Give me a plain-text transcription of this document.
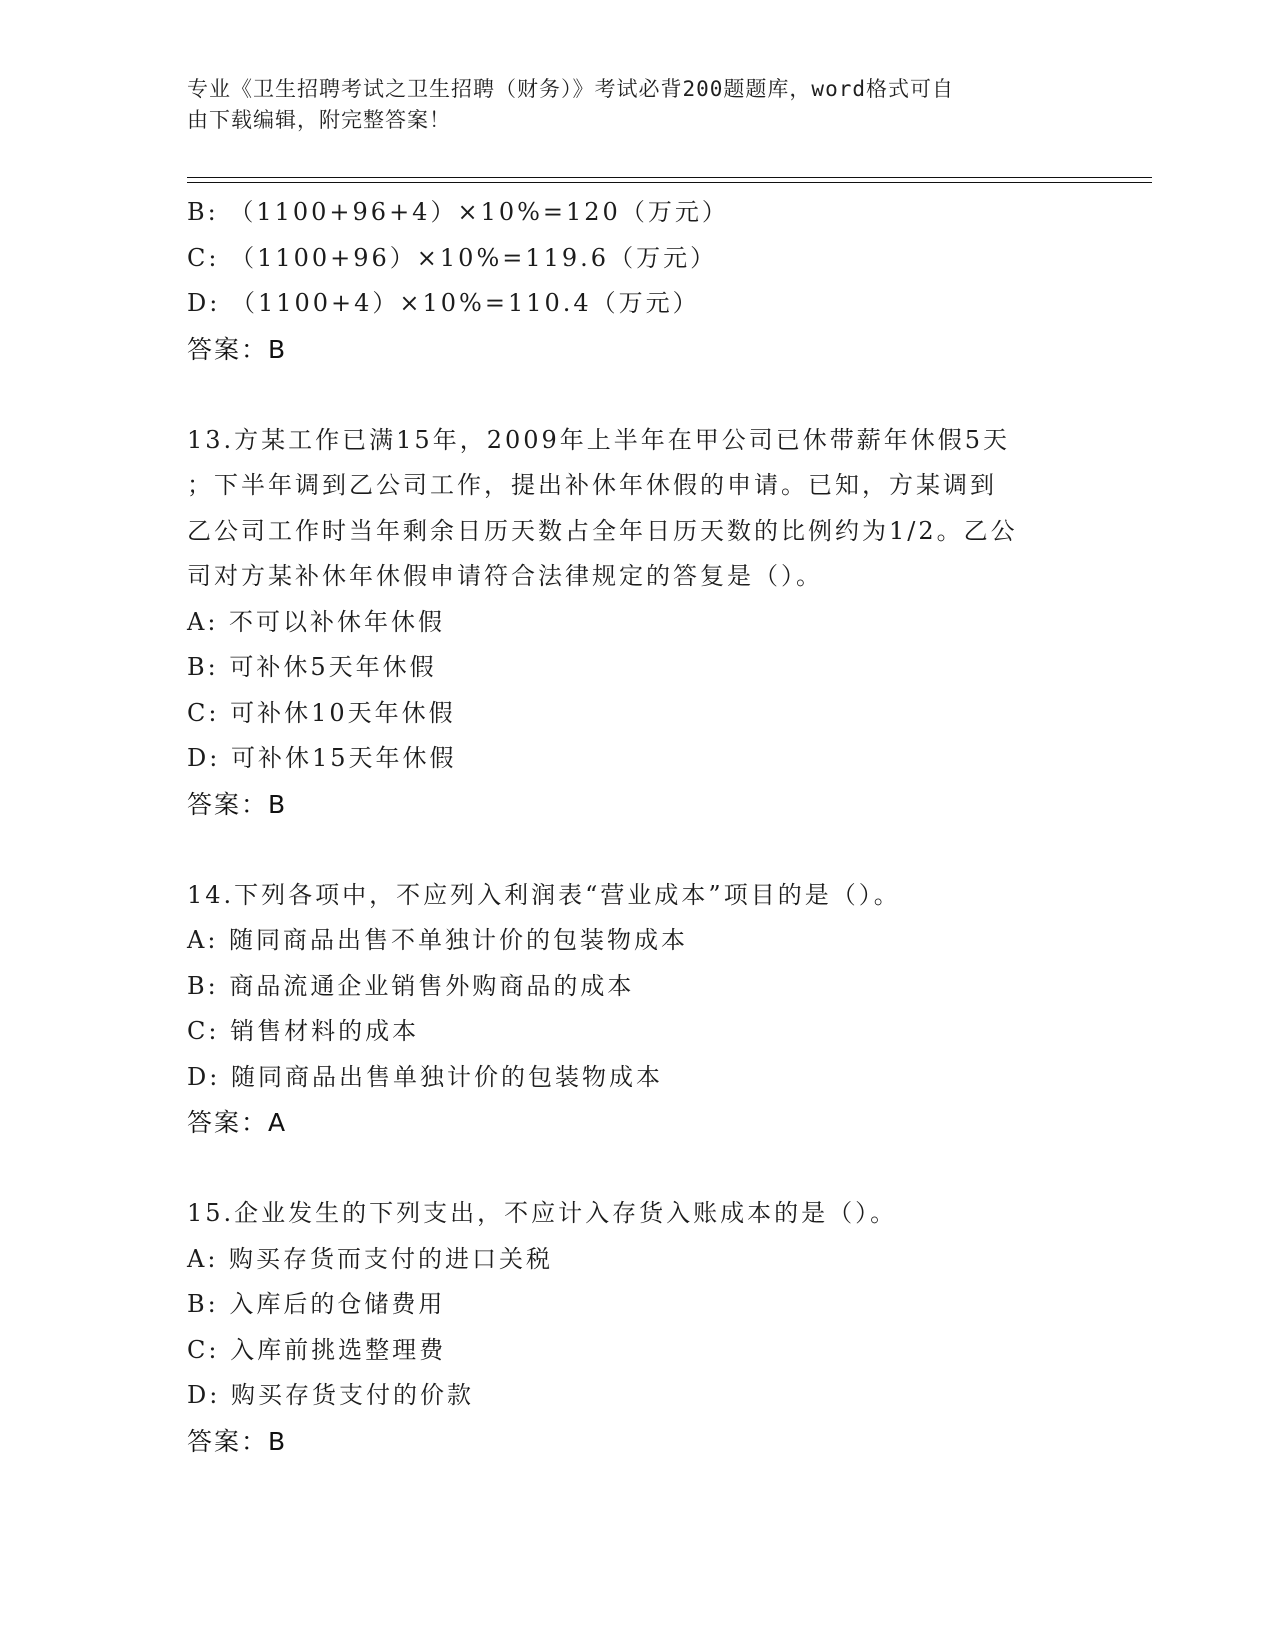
专业《卫生招聘考试之卫生招聘（财务）》考试必背200题题库，word格式可自
由下载编辑，附完整答案！
B: （1100+96+4）×10%=120（万元）
C: （1100+96）×10%=119.6（万元）
D: （1100+4）×10%=110.4（万元）
答案：B
13.方某工作已满15年，2009年上半年在甲公司已休带薪年休假5天
；下半年调到乙公司工作，提出补休年休假的申请。已知，方某调到
乙公司工作时当年剩余日历天数占全年日历天数的比例约为1/2。乙公
司对方某补休年休假申请符合法律规定的答复是（）。
A: 不可以补休年休假
B: 可补休5天年休假
C: 可补休10天年休假
D: 可补休15天年休假
答案：B
14.下列各项中，不应列入利润表“营业成本”项目的是（）。
A: 随同商品出售不单独计价的包装物成本
B: 商品流通企业销售外购商品的成本
C: 销售材料的成本
D: 随同商品出售单独计价的包装物成本
答案：A
15.企业发生的下列支出，不应计入存货入账成本的是（）。
A: 购买存货而支付的进口关税
B: 入库后的仓储费用
C: 入库前挑选整理费
D: 购买存货支付的价款
答案：B
